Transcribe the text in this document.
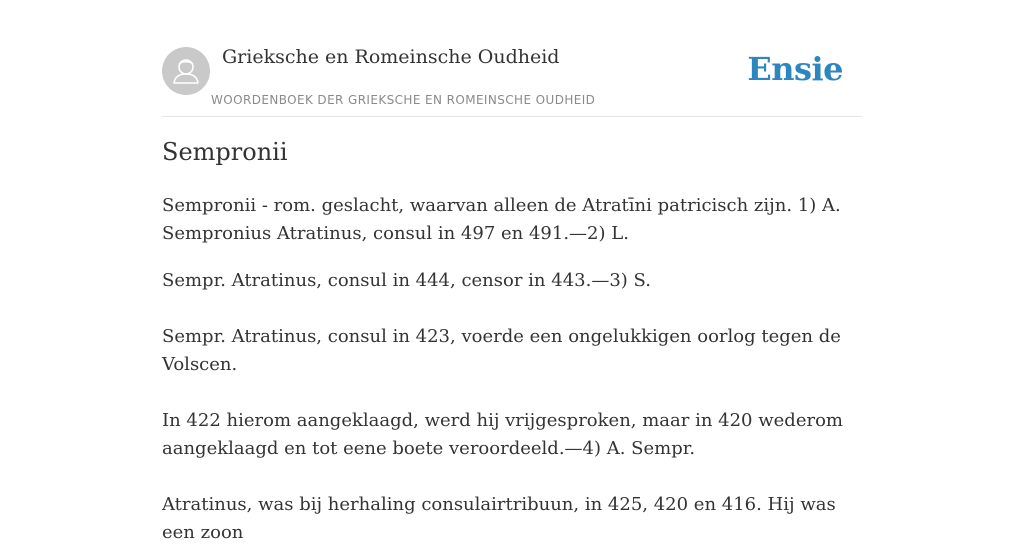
Grieksche en Romeinsche Oudheid
WOORDENBOEK DER GRIEKSCHE EN ROMEINSCHE OUDHEID
Ensie
Sempronii

Sempronii - rom. geslacht, waarvan alleen de Atratīni patricisch zijn. 1) A. Sempronius Atratinus, consul in 497 en 491.—2) L.

Sempr. Atratinus, consul in 444, censor in 443.—3) S.

Sempr. Atratinus, consul in 423, voerde een ongelukkigen oorlog tegen de Volscen.

In 422 hierom aangeklaagd, werd hij vrijgesproken, maar in 420 wederom aangeklaagd en tot eene boete veroordeeld.—4) A. Sempr.

Atratinus, was bij herhaling consulairtribuun, in 425, 420 en 416. Hij was een zoon
